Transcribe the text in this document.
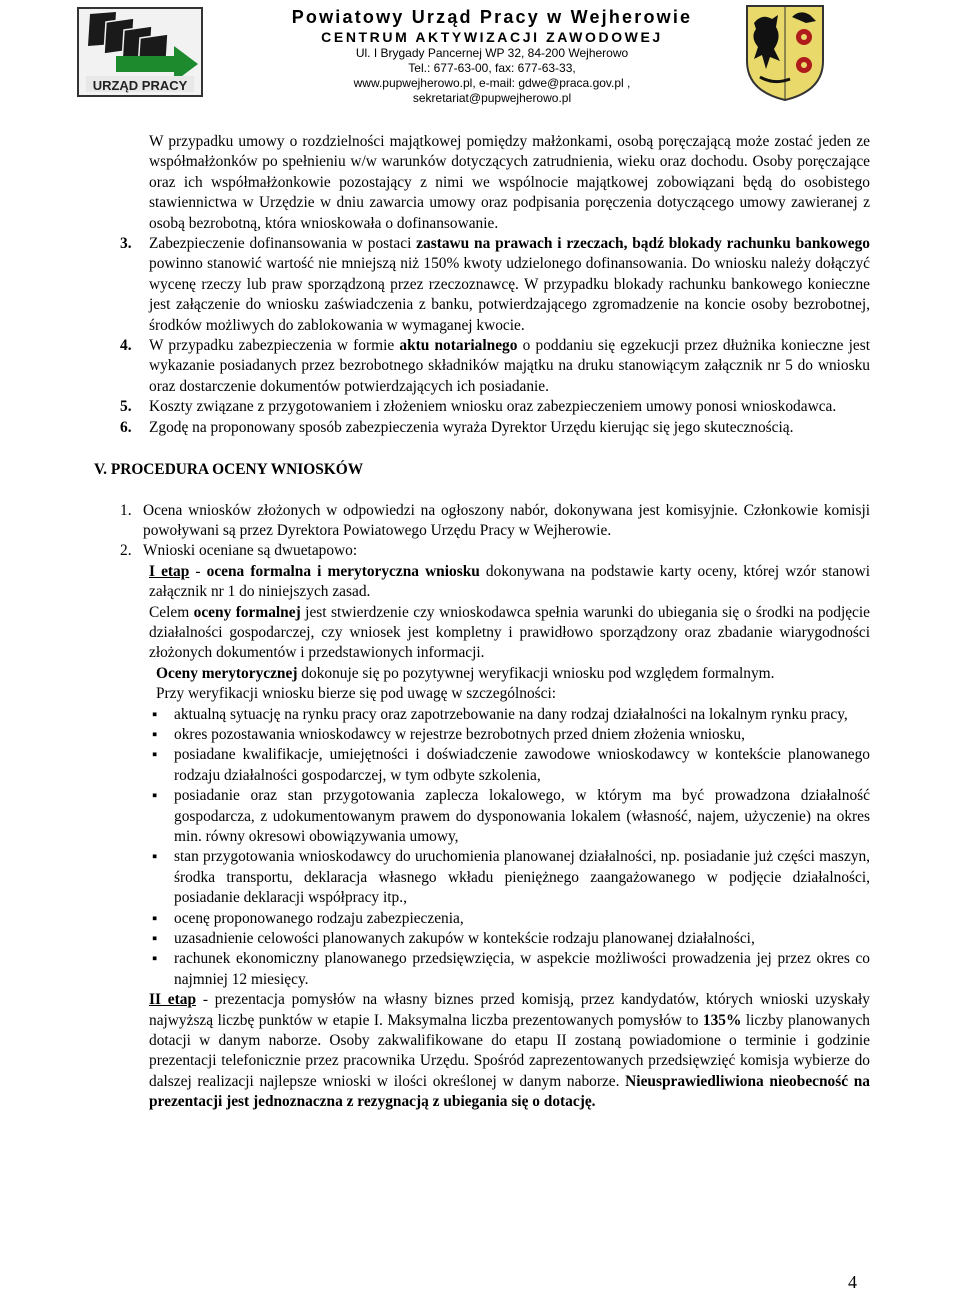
URZĄD PRACY
Powiatowy Urząd Pracy w Wejherowie
CENTRUM AKTYWIZACJI ZAWODOWEJ
Ul. I Brygady Pancernej WP 32, 84-200 Wejherowo
Tel.: 677-63-00, fax: 677-63-33,
www.pupwejherowo.pl, e-mail: gdwe@praca.gov.pl ,
sekretariat@pupwejherowo.pl

W przypadku umowy o rozdzielności majątkowej pomiędzy małżonkami, osobą poręczającą może zostać jeden ze współmałżonków po spełnieniu w/w warunków dotyczących zatrudnienia, wieku oraz dochodu. Osoby poręczające oraz ich współmałżonkowie pozostający z nimi we wspólnocie majątkowej zobowiązani będą do osobistego stawiennictwa w Urzędzie w dniu zawarcia umowy oraz podpisania poręczenia dotyczącego umowy zawieranej z osobą bezrobotną, która wnioskowała o dofinansowanie.

3. Zabezpieczenie dofinansowania w postaci zastawu na prawach i rzeczach, bądź blokady rachunku bankowego powinno stanowić wartość nie mniejszą niż 150% kwoty udzielonego dofinansowania. Do wniosku należy dołączyć wycenę rzeczy lub praw sporządzoną przez rzeczoznawcę. W przypadku blokady rachunku bankowego konieczne jest załączenie do wniosku zaświadczenia z banku, potwierdzającego zgromadzenie na koncie osoby bezrobotnej, środków możliwych do zablokowania w wymaganej kwocie.
4. W przypadku zabezpieczenia w formie aktu notarialnego o poddaniu się egzekucji przez dłużnika konieczne jest wykazanie posiadanych przez bezrobotnego składników majątku na druku stanowiącym załącznik nr 5 do wniosku oraz dostarczenie dokumentów potwierdzających ich posiadanie.
5. Koszty związane z przygotowaniem i złożeniem wniosku oraz zabezpieczeniem umowy ponosi wnioskodawca.
6. Zgodę na proponowany sposób zabezpieczenia wyraża Dyrektor Urzędu kierując się jego skutecznością.
V. PROCEDURA OCENY WNIOSKÓW
1. Ocena wniosków złożonych w odpowiedzi na ogłoszony nabór, dokonywana jest komisyjnie. Członkowie komisji powoływani są przez Dyrektora Powiatowego Urzędu Pracy w Wejherowie.
2. Wnioski oceniane są dwuetapowo:

I etap - ocena formalna i merytoryczna wniosku dokonywana na podstawie karty oceny, której wzór stanowi załącznik nr 1 do niniejszych zasad.

Celem oceny formalnej jest stwierdzenie czy wnioskodawca spełnia warunki do ubiegania się o środki na podjęcie działalności gospodarczej, czy wniosek jest kompletny i prawidłowo sporządzony oraz zbadanie wiarygodności złożonych dokumentów i przedstawionych informacji.

Oceny merytorycznej dokonuje się po pozytywnej weryfikacji wniosku pod względem formalnym.

Przy weryfikacji wniosku bierze się pod uwagę w szczególności:

▪ aktualną sytuację na rynku pracy oraz zapotrzebowanie na dany rodzaj działalności na lokalnym rynku pracy,
▪ okres pozostawania wnioskodawcy w rejestrze bezrobotnych przed dniem złożenia wniosku,
▪ posiadane kwalifikacje, umiejętności i doświadczenie zawodowe wnioskodawcy w kontekście planowanego rodzaju działalności gospodarczej, w tym odbyte szkolenia,
▪ posiadanie oraz stan przygotowania zaplecza lokalowego, w którym ma być prowadzona działalność gospodarcza, z udokumentowanym prawem do dysponowania lokalem (własność, najem, użyczenie) na okres min. równy okresowi obowiązywania umowy,
▪ stan przygotowania wnioskodawcy do uruchomienia planowanej działalności, np. posiadanie już części maszyn, środka transportu, deklaracja własnego wkładu pieniężnego zaangażowanego w podjęcie działalności, posiadanie deklaracji współpracy itp.,
▪ ocenę proponowanego rodzaju zabezpieczenia,
▪ uzasadnienie celowości planowanych zakupów w kontekście rodzaju planowanej działalności,
▪ rachunek ekonomiczny planowanego przedsięwzięcia, w aspekcie możliwości prowadzenia jej przez okres co najmniej 12 miesięcy.

II etap - prezentacja pomysłów na własny biznes przed komisją, przez kandydatów, których wnioski uzyskały najwyższą liczbę punktów w etapie I. Maksymalna liczba prezentowanych pomysłów to 135% liczby planowanych dotacji w danym naborze. Osoby zakwalifikowane do etapu II zostaną powiadomione o terminie i godzinie prezentacji telefonicznie przez pracownika Urzędu. Spośród zaprezentowanych przedsięwzięć komisja wybierze do dalszej realizacji najlepsze wnioski w ilości określonej w danym naborze. Nieusprawiedliwiona nieobecność na prezentacji jest jednoznaczna z rezygnacją z ubiegania się o dotację.

4
